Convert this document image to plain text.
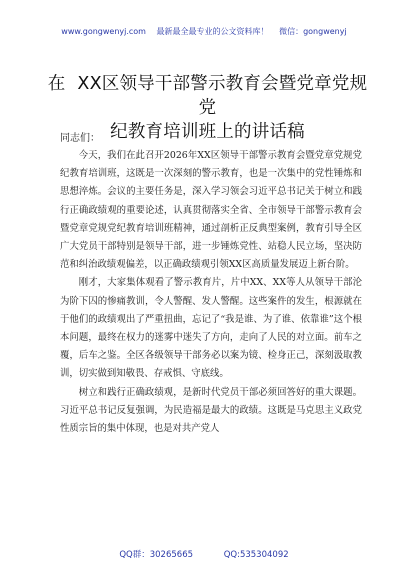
www.gongwenyj.com 最新最全最专业的公文资料库！ 微信：gongwenyj
在 XX区领导干部警示教育会暨党章党规党
纪教育培训班上的讲话稿
同志们：

今天，我们在此召开2026年XX区领导干部警示教育会暨党章党规党纪教育培训班，这既是一次深刻的警示教育，也是一次集中的党性锤炼和思想淬炼。会议的主要任务是，深入学习领会习近平总书记关于树立和践行正确政绩观的重要论述，认真贯彻落实全省、全市领导干部警示教育会暨党章党规党纪教育培训班精神，通过剖析正反典型案例，教育引导全区广大党员干部特别是领导干部，进一步锤炼党性、站稳人民立场，坚决防范和纠治政绩观偏差，以正确政绩观引领XX区高质量发展迈上新台阶。

刚才，大家集体观看了警示教育片，片中XX、XX等人从领导干部沦为阶下囚的惨痛教训，令人警醒、发人警醒。这些案件的发生，根源就在于他们的政绩观出了严重扭曲，忘记了“我是谁、为了谁、依靠谁”这个根本问题，最终在权力的迷雾中迷失了方向，走向了人民的对立面。前车之覆，后车之鉴。全区各级领导干部务必以案为镜、检身正己，深刻汲取教训，切实做到知敬畏、存戒惧、守底线。

树立和践行正确政绩观，是新时代党员干部必须回答好的重大课题。习近平总书记反复强调，为民造福是最大的政绩。这既是马克思主义政党性质宗旨的集中体现，也是对共产党人

QQ群：30265665	QQ:535304092
